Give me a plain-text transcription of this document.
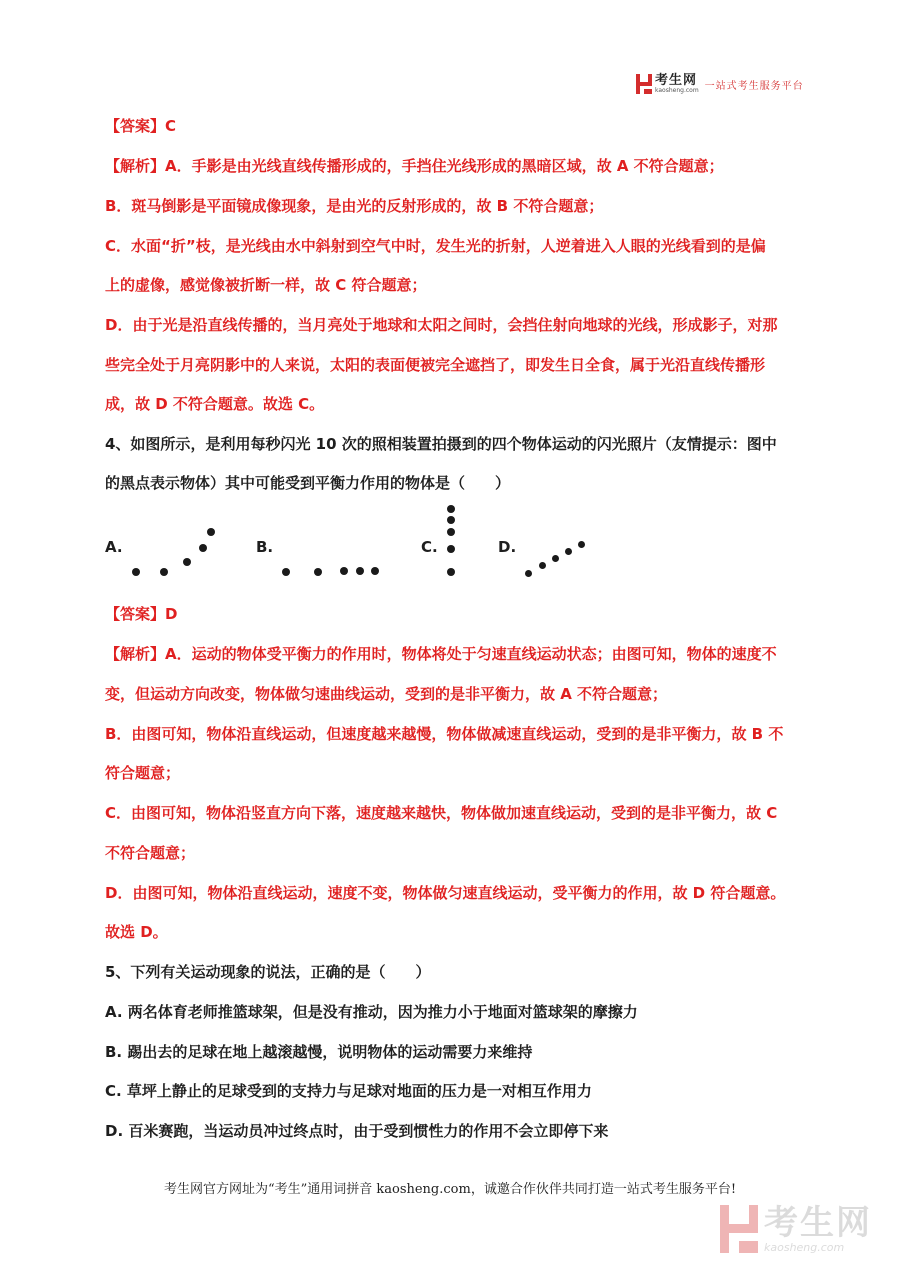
考生网
kaosheng.com 一站式考生服务平台
【答案】C
【解析】A．手影是由光线直线传播形成的，手挡住光线形成的黑暗区域，故 A 不符合题意；
B．斑马倒影是平面镜成像现象，是由光的反射形成的，故 B 不符合题意；
C．水面“折”枝，是光线由水中斜射到空气中时，发生光的折射，人逆着进入人眼的光线看到的是偏
上的虚像，感觉像被折断一样，故 C 符合题意；
D．由于光是沿直线传播的，当月亮处于地球和太阳之间时，会挡住射向地球的光线，形成影子，对那
些完全处于月亮阴影中的人来说，太阳的表面便被完全遮挡了，即发生日全食，属于光沿直线传播形
成，故 D 不符合题意。故选 C。
4、如图所示，是利用每秒闪光 10 次的照相装置拍摄到的四个物体运动的闪光照片（友情提示：图中
的黑点表示物体）其中可能受到平衡力作用的物体是（　　）
A.	B.	C.	D.
【答案】D
【解析】A．运动的物体受平衡力的作用时，物体将处于匀速直线运动状态；由图可知，物体的速度不
变，但运动方向改变，物体做匀速曲线运动，受到的是非平衡力，故 A 不符合题意；
B．由图可知，物体沿直线运动，但速度越来越慢，物体做减速直线运动，受到的是非平衡力，故 B 不
符合题意；
C．由图可知，物体沿竖直方向下落，速度越来越快，物体做加速直线运动，受到的是非平衡力，故 C
不符合题意；
D．由图可知，物体沿直线运动，速度不变，物体做匀速直线运动，受平衡力的作用，故 D 符合题意。
故选 D。
5、下列有关运动现象的说法，正确的是（　　）
A. 两名体育老师推篮球架，但是没有推动，因为推力小于地面对篮球架的摩擦力
B. 踢出去的足球在地上越滚越慢，说明物体的运动需要力来维持
C. 草坪上静止的足球受到的支持力与足球对地面的压力是一对相互作用力
D. 百米赛跑，当运动员冲过终点时，由于受到惯性力的作用不会立即停下来
考生网官方网址为“考生”通用词拼音 kaosheng.com，诚邀合作伙伴共同打造一站式考生服务平台!
考生网
kaosheng.com
